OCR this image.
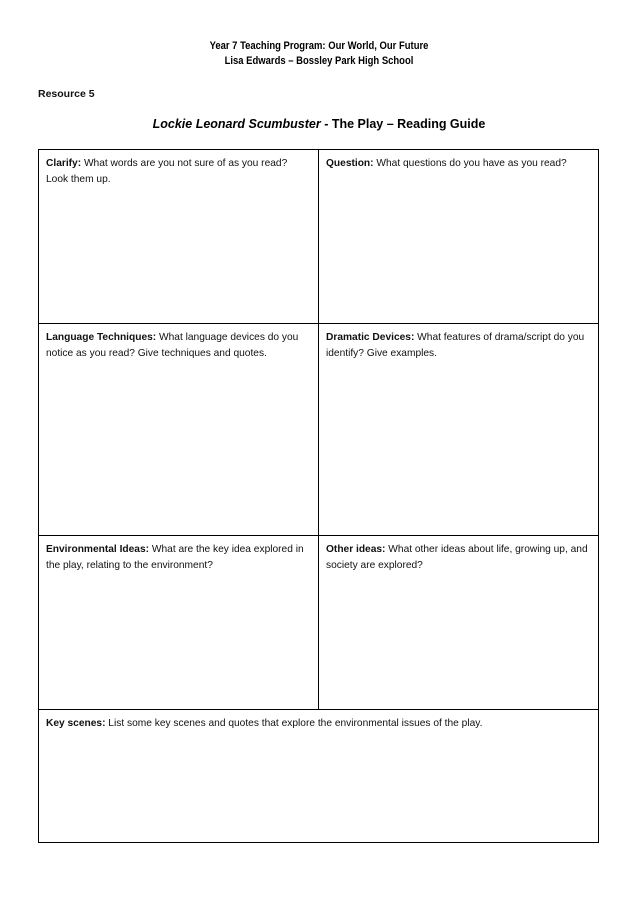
Year 7 Teaching Program: Our World, Our Future
Lisa Edwards – Bossley Park High School
Resource 5
Lockie Leonard Scumbuster - The Play – Reading Guide
Clarify: What words are you not sure of as you read? Look them up.
Question: What questions do you have as you read?
Language Techniques: What language devices do you notice as you read? Give techniques and quotes.
Dramatic Devices: What features of drama/script do you identify? Give examples.
Environmental Ideas: What are the key idea explored in the play, relating to the environment?
Other ideas: What other ideas about life, growing up, and society are explored?
Key scenes: List some key scenes and quotes that explore the environmental issues of the play.
